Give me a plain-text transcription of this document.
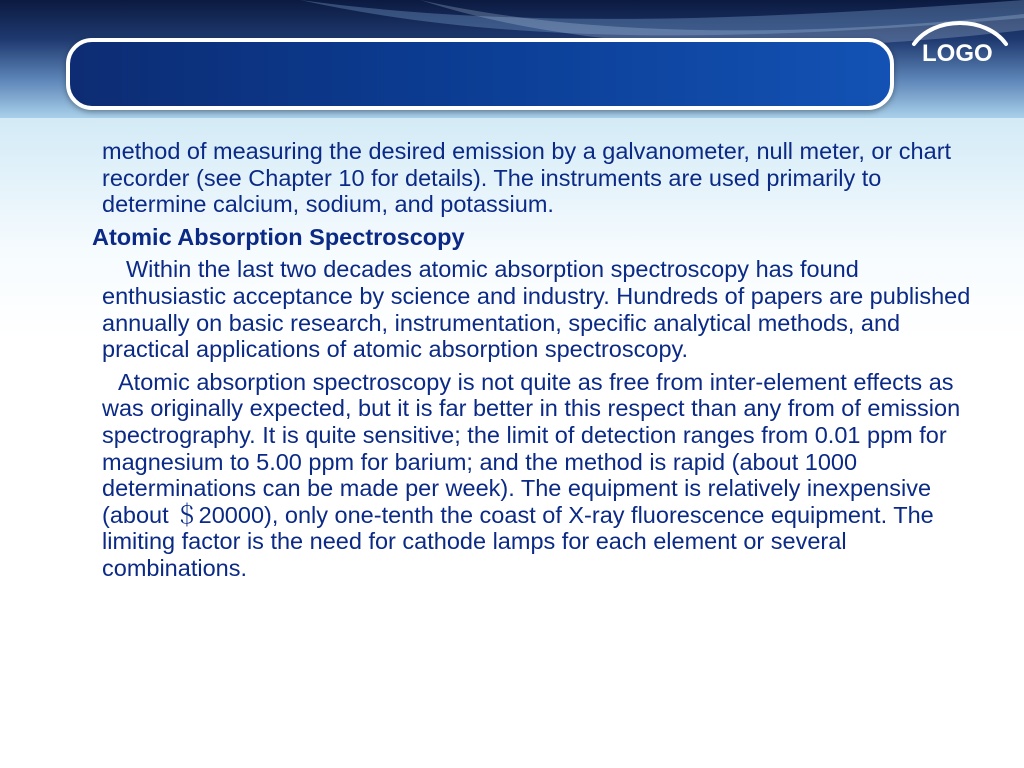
LOGO

method of measuring the desired emission by a galvanometer, null meter, or chart recorder (see Chapter 10 for details). The instruments are used primarily to determine calcium, sodium, and potassium.

Atomic Absorption Spectroscopy

Within the last two decades atomic absorption spectroscopy has found enthusiastic acceptance by science and industry. Hundreds of papers are published annually on basic research, instrumentation, specific analytical methods, and practical applications of atomic absorption spectroscopy.

Atomic absorption spectroscopy is not quite as free from inter-element effects as was originally expected, but it is far better in this respect than any from of emission spectrography. It is quite sensitive; the limit of detection ranges from 0.01 ppm for magnesium to 5.00 ppm for barium; and the method is rapid (about 1000 determinations can be made per week). The equipment is relatively inexpensive (about ＄20000), only one-tenth the coast of X-ray fluorescence equipment. The limiting factor is the need for cathode lamps for each element or several combinations.
